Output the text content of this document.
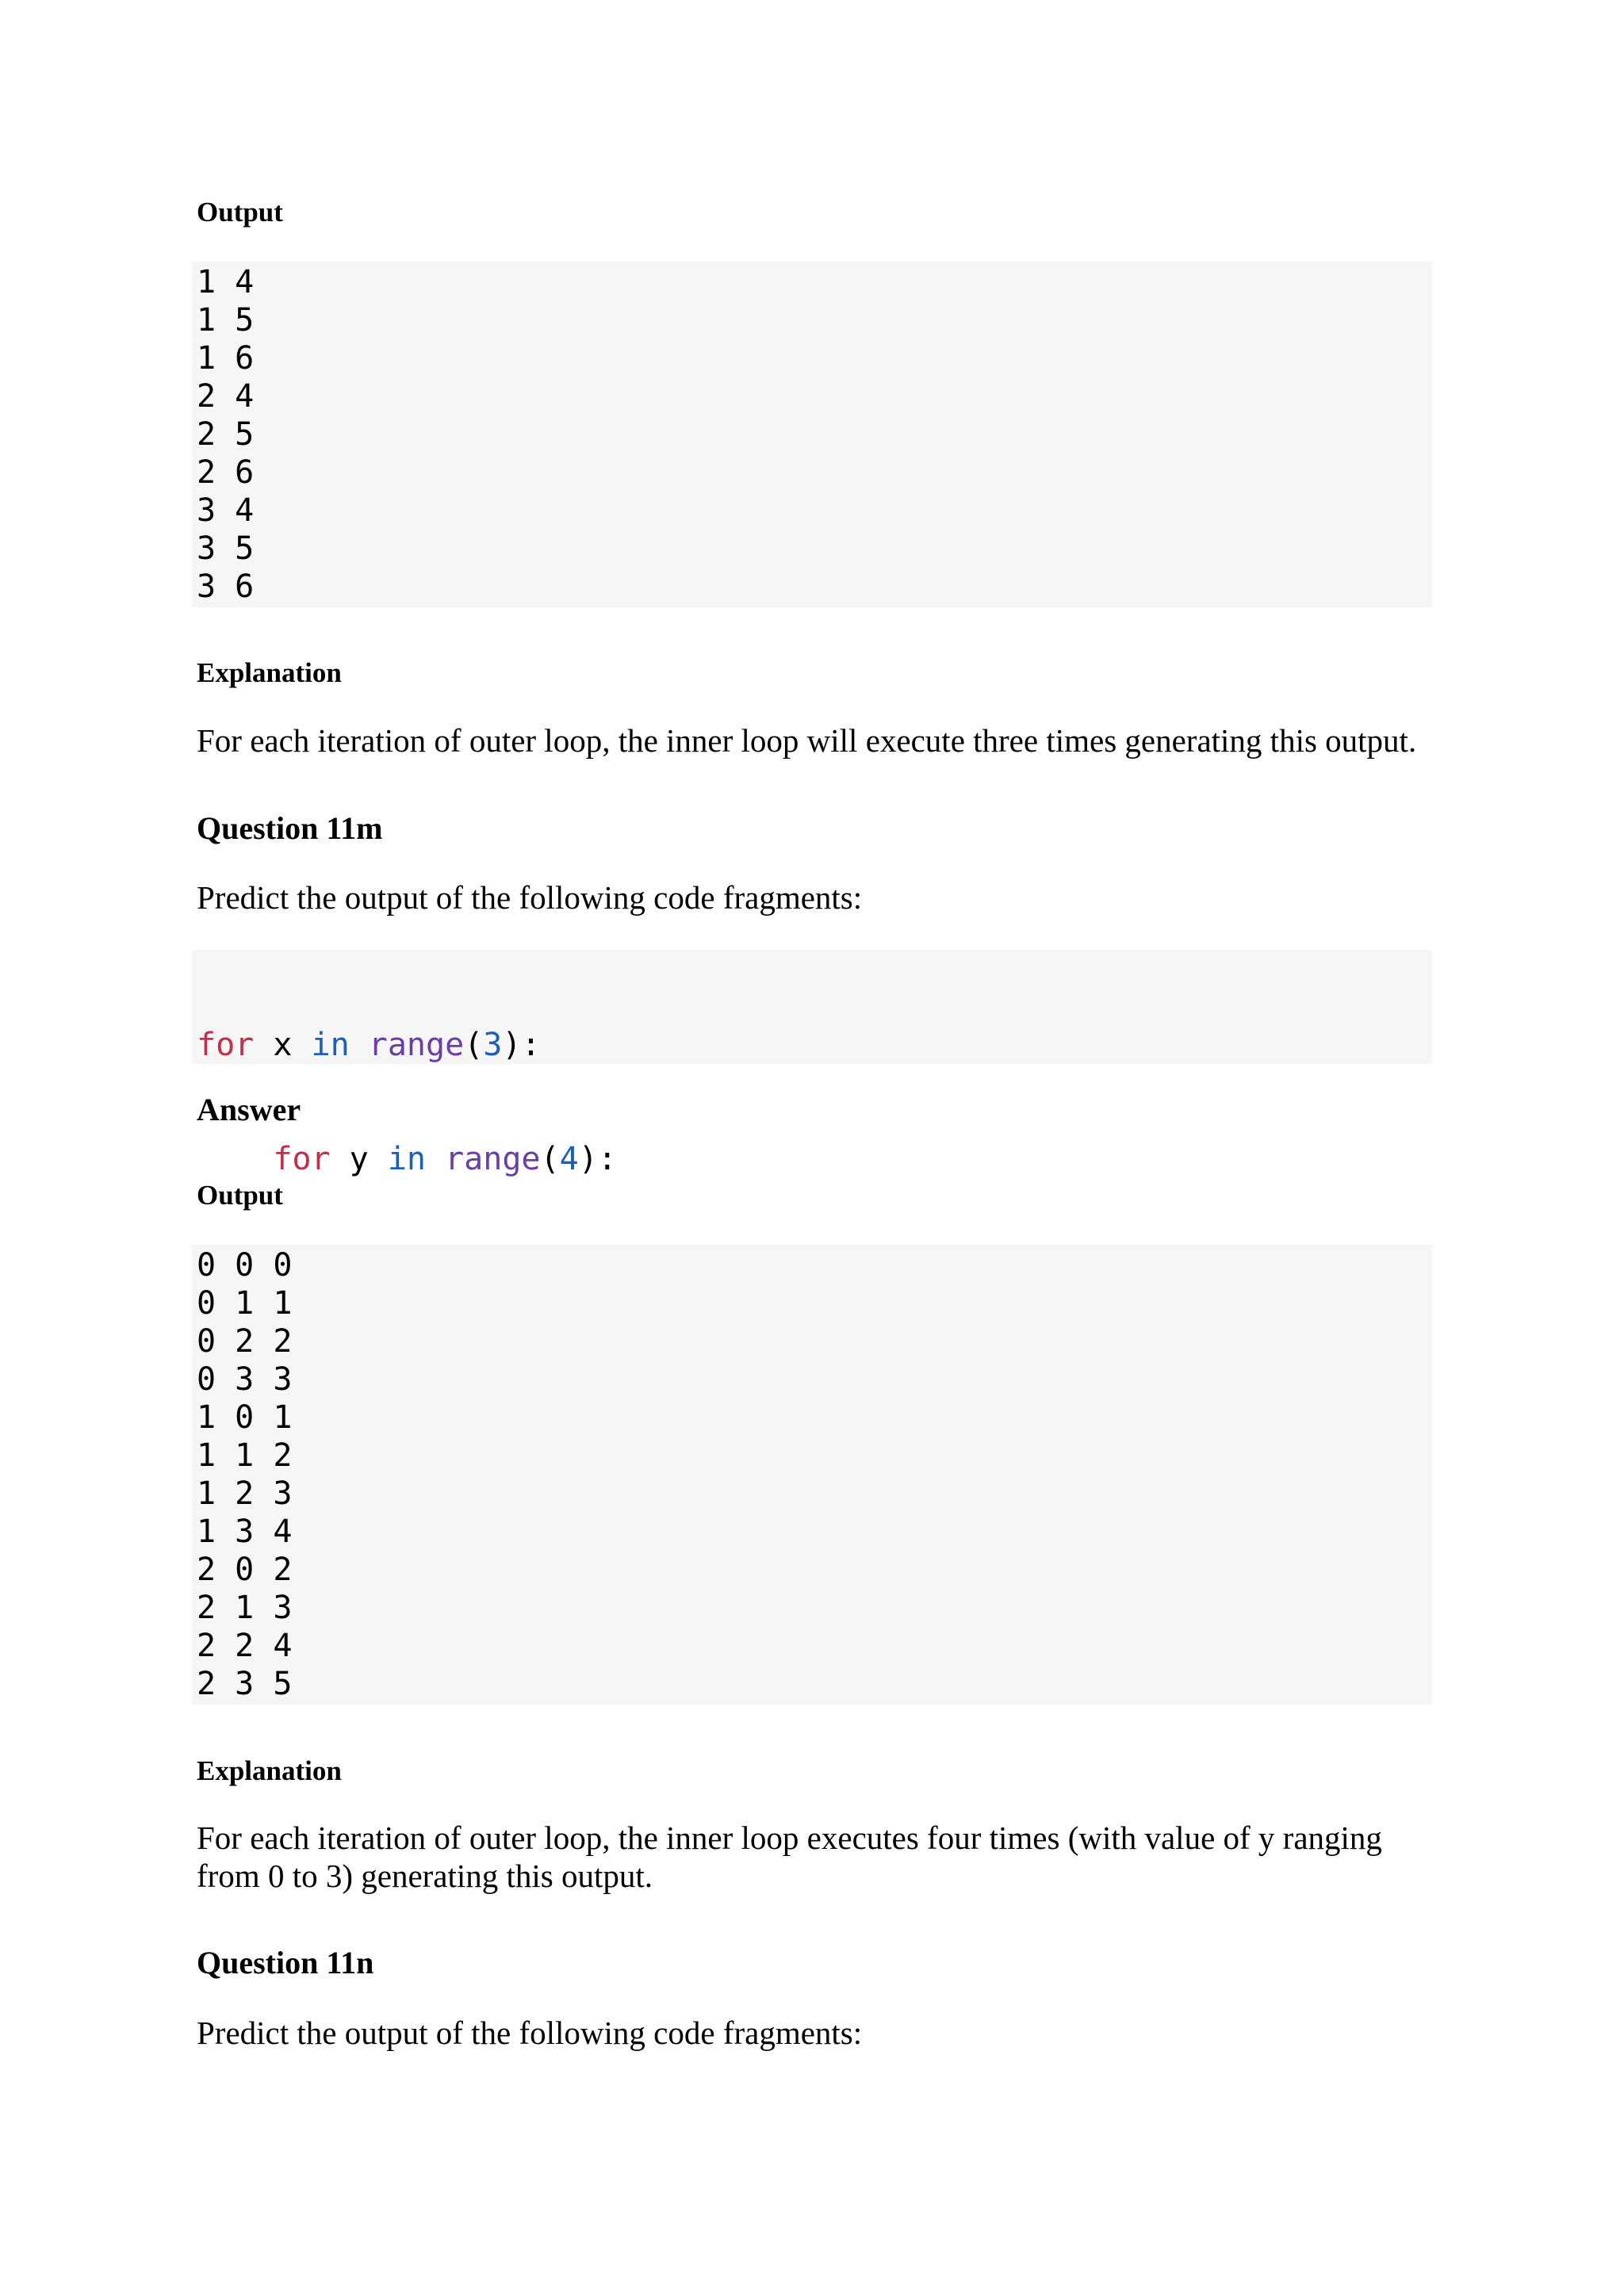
Output
1 4
1 5
1 6
2 4
2 5
2 6
3 4
3 5
3 6
Explanation
For each iteration of outer loop, the inner loop will execute three times generating this output.
Question 11m
Predict the output of the following code fragments:

for x in range(3):

for y in range(4):

Answer
Output
0 0 0
0 1 1
0 2 2
0 3 3
1 0 1
1 1 2
1 2 3
1 3 4
2 0 2
2 1 3
2 2 4
2 3 5
Explanation
For each iteration of outer loop, the inner loop executes four times (with value of y ranging
from 0 to 3) generating this output.
Question 11n
Predict the output of the following code fragments:
